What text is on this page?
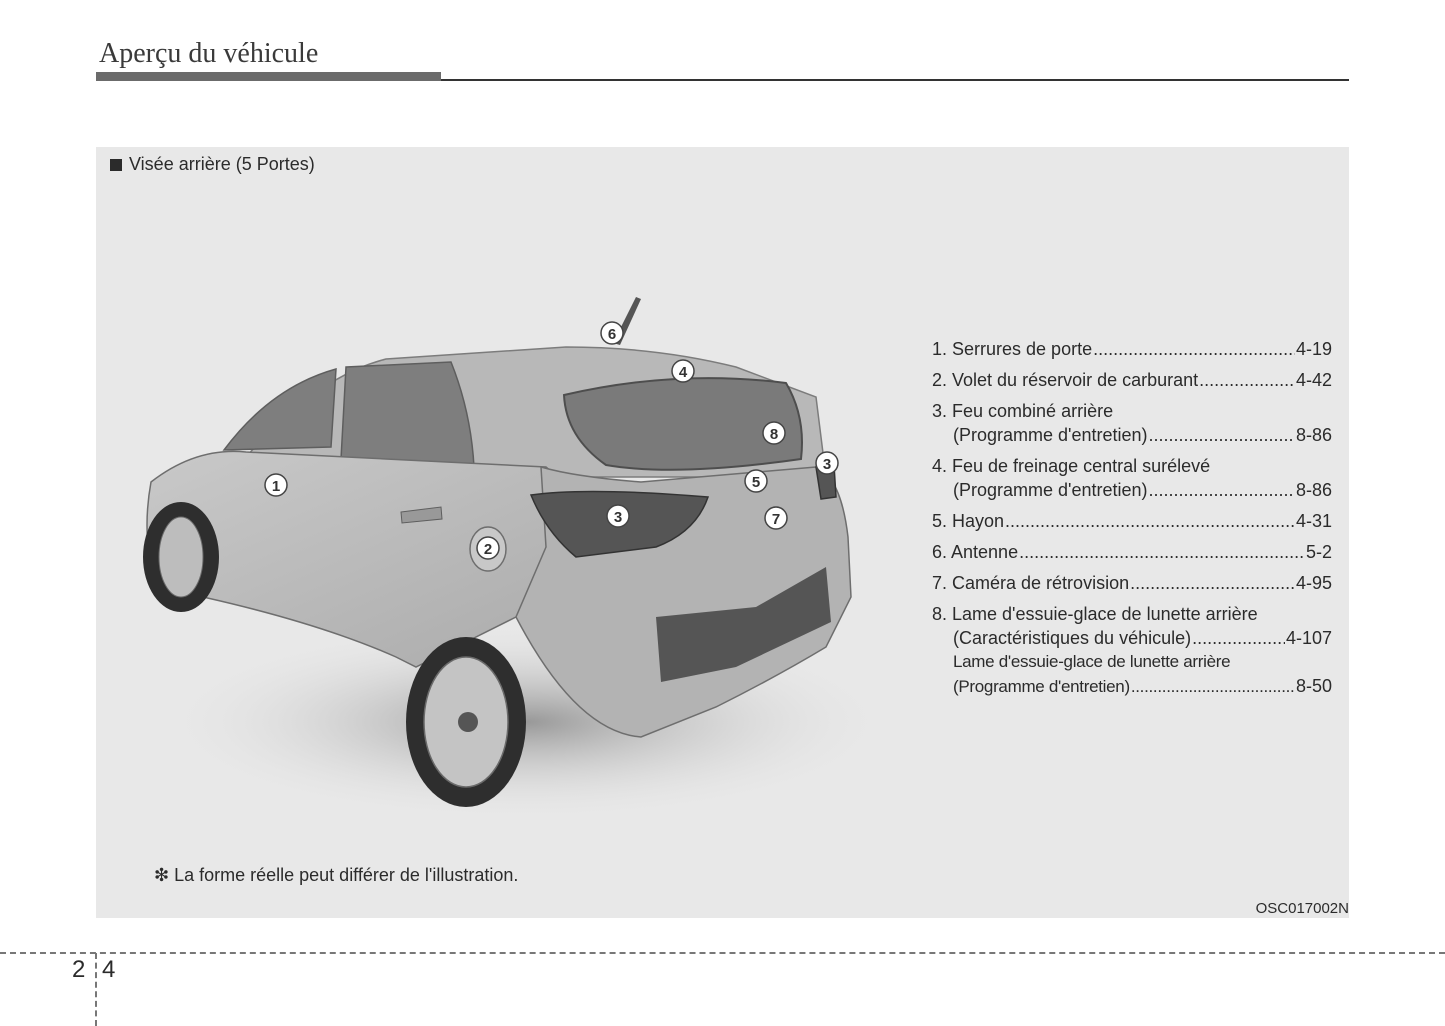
Aperçu du véhicule
Visée arrière (5 Portes)
1
2
3
3
4
5
6
7
8
1. Serrures de porte .....	4-19
2. Volet du réservoir de carburant .....	4-42
3. Feu combiné arrière
(Programme d'entretien) .....	8-86
4. Feu de freinage central surélevé
(Programme d'entretien) .....	8-86
5. Hayon .....	4-31
6. Antenne .....	5-2
7. Caméra de rétrovision .....	4-95
8. Lame d'essuie-glace de lunette arrière
(Caractéristiques du véhicule) .....	4-107
Lame d'essuie-glace de lunette arrière
(Programme d'entretien) .....	8-50
❇ La forme réelle peut différer de l'illustration.
OSC017002N
2 4
